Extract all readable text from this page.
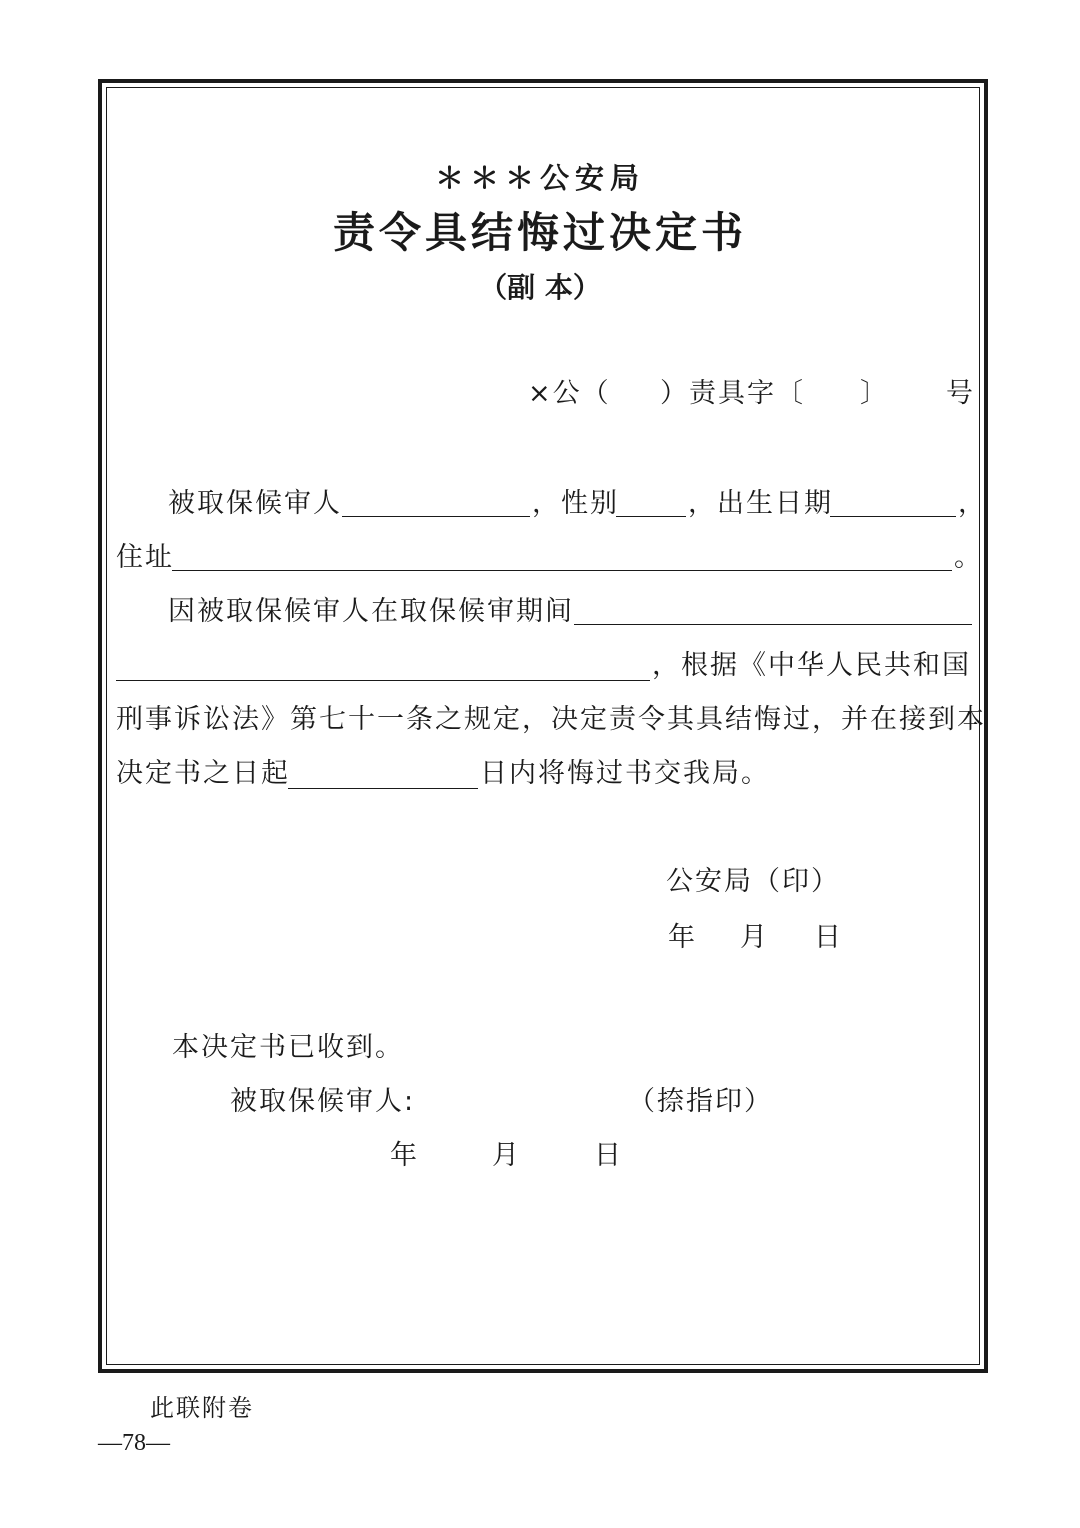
＊＊＊公安局
责令具结悔过决定书
（副 本）
×公（ ）责具字〔 〕 号
被取保候审人	，性别	，出生日期	，
住址	。
因被取保候审人在取保候审期间
，根据《中华人民共和国
刑事诉讼法》第七十一条之规定，决定责令其具结悔过，并在接到本
决定书之日起	日内将悔过书交我局。
公安局（印）
年 月 日
本决定书已收到。
被取保候审人:	（捺指印）
年	月	日
此联附卷
—78—
